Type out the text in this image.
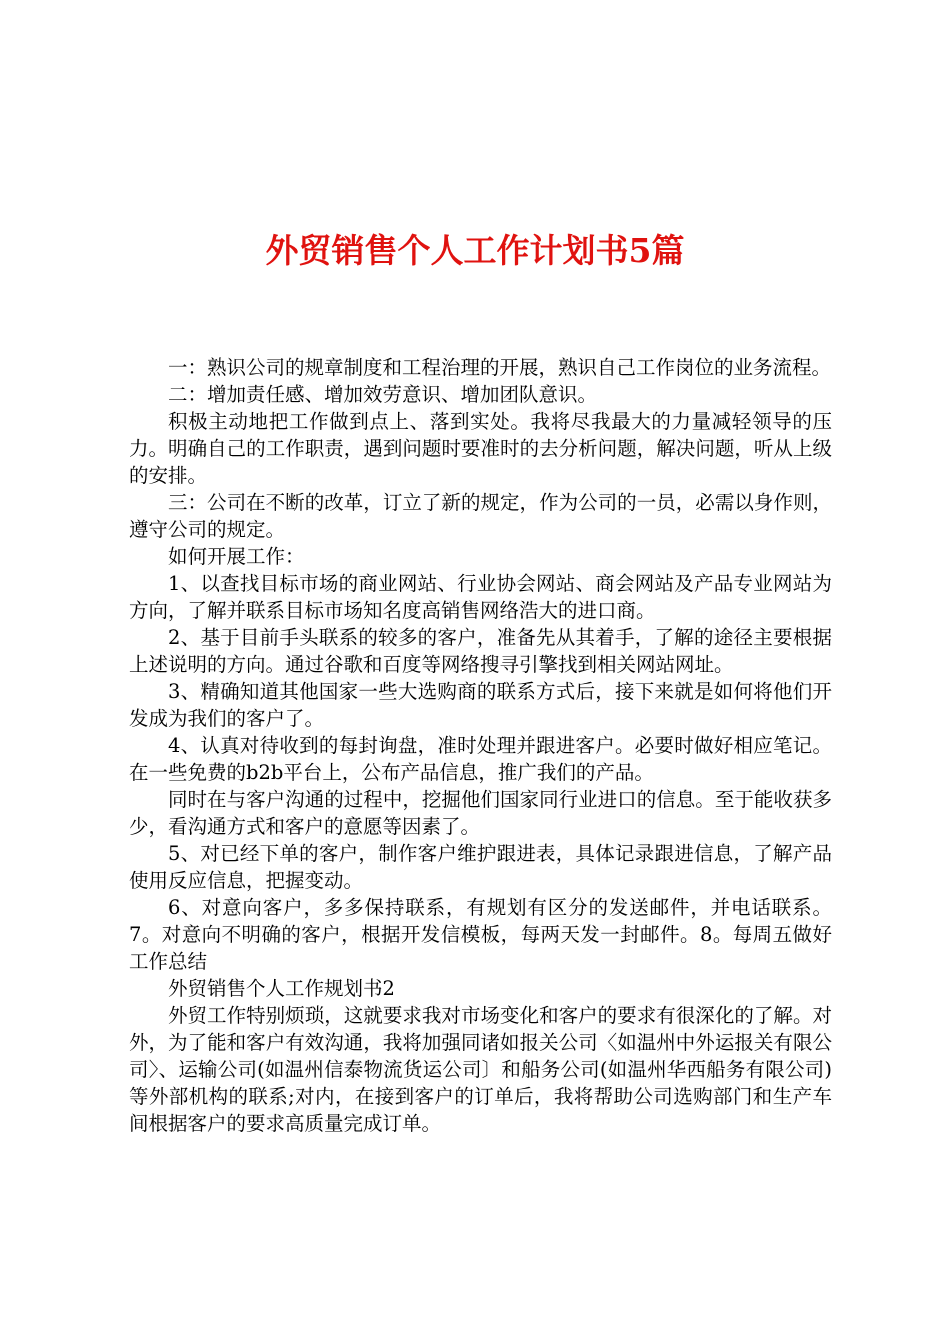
外贸销售个人工作计划书5篇

一：熟识公司的规章制度和工程治理的开展，熟识自己工作岗位的业务流程。

二：增加责任感、增加效劳意识、增加团队意识。

积极主动地把工作做到点上、落到实处。我将尽我最大的力量减轻领导的压力。明确自己的工作职责，遇到问题时要准时的去分析问题，解决问题，听从上级的安排。

三：公司在不断的改革，订立了新的规定，作为公司的一员，必需以身作则，遵守公司的规定。

如何开展工作：

1、以查找目标市场的商业网站、行业协会网站、商会网站及产品专业网站为方向，了解并联系目标市场知名度高销售网络浩大的进口商。

2、基于目前手头联系的较多的客户，准备先从其着手，了解的途径主要根据上述说明的方向。通过谷歌和百度等网络搜寻引擎找到相关网站网址。

3、精确知道其他国家一些大选购商的联系方式后，接下来就是如何将他们开发成为我们的客户了。

4、认真对待收到的每封询盘，准时处理并跟进客户。必要时做好相应笔记。在一些免费的b2b平台上，公布产品信息，推广我们的产品。

同时在与客户沟通的过程中，挖掘他们国家同行业进口的信息。至于能收获多少，看沟通方式和客户的意愿等因素了。

5、对已经下单的客户，制作客户维护跟进表，具体记录跟进信息，了解产品使用反应信息，把握变动。

6、对意向客户，多多保持联系，有规划有区分的发送邮件，并电话联系。7。对意向不明确的客户，根据开发信模板，每两天发一封邮件。8。每周五做好工作总结

外贸销售个人工作规划书2

外贸工作特别烦琐，这就要求我对市场变化和客户的要求有很深化的了解。对外，为了能和客户有效沟通，我将加强同诸如报关公司〈如温州中外运报关有限公司〉、运输公司(如温州信泰物流货运公司〕和船务公司(如温州华西船务有限公司)等外部机构的联系;对内，在接到客户的订单后，我将帮助公司选购部门和生产车间根据客户的要求高质量完成订单。
